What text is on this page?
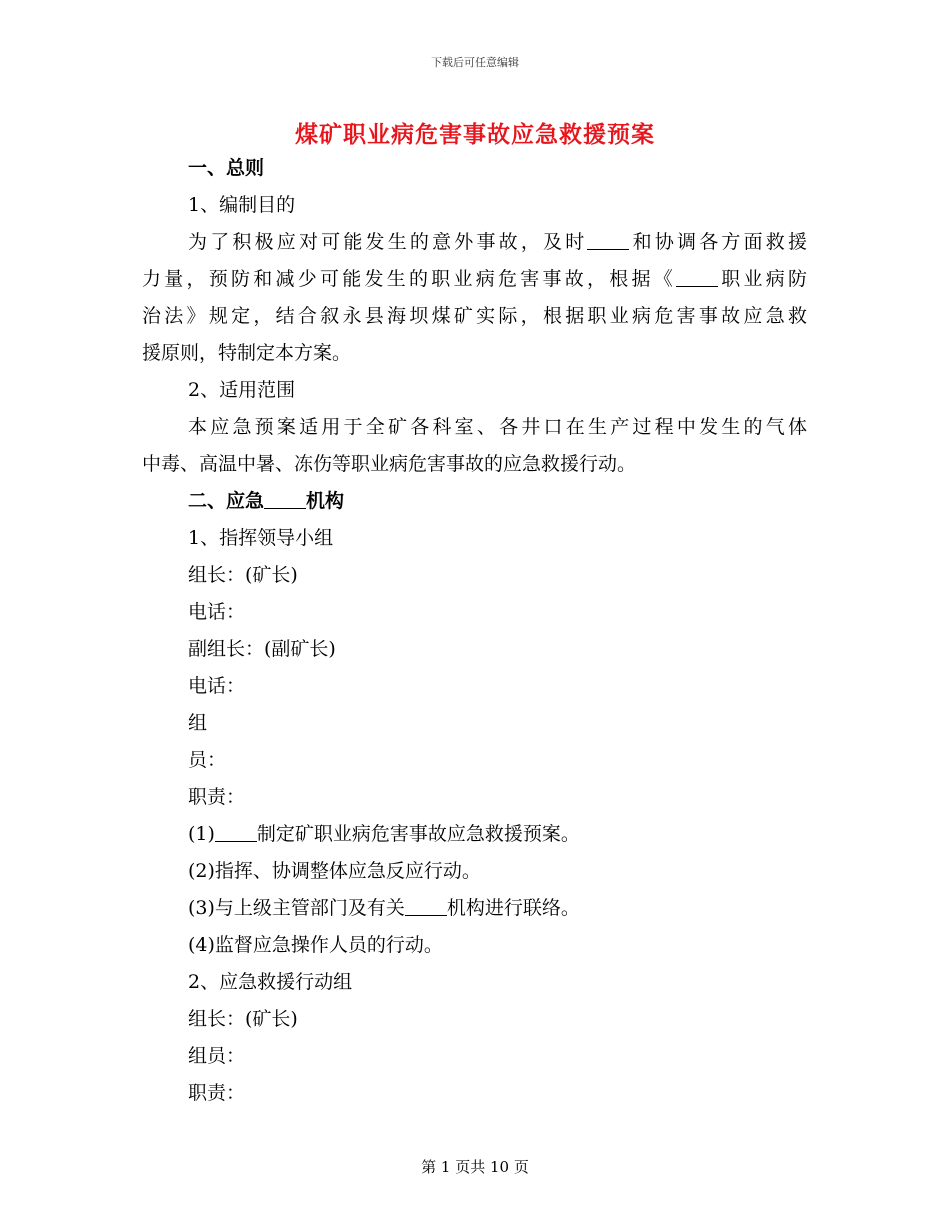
下载后可任意编辑
煤矿职业病危害事故应急救援预案

一、总则

1、编制目的

为了积极应对可能发生的意外事故，及时 和协调各方面救援

力量，预防和减少可能发生的职业病危害事故，根据《 职业病防

治法》规定，结合叙永县海坝煤矿实际，根据职业病危害事故应急救

援原则，特制定本方案。

2、适用范围

本应急预案适用于全矿各科室、各井口在生产过程中发生的气体

中毒、高温中暑、冻伤等职业病危害事故的应急救援行动。

二、应急 机构

1、指挥领导小组

组长：(矿长)

电话：

副组长：(副矿长)

电话：

组

员：

职责：

(1) 制定矿职业病危害事故应急救援预案。

(2)指挥、协调整体应急反应行动。

(3)与上级主管部门及有关 机构进行联络。

(4)监督应急操作人员的行动。

2、应急救援行动组

组长：(矿长)

组员：

职责：

第 1 页共 10 页
